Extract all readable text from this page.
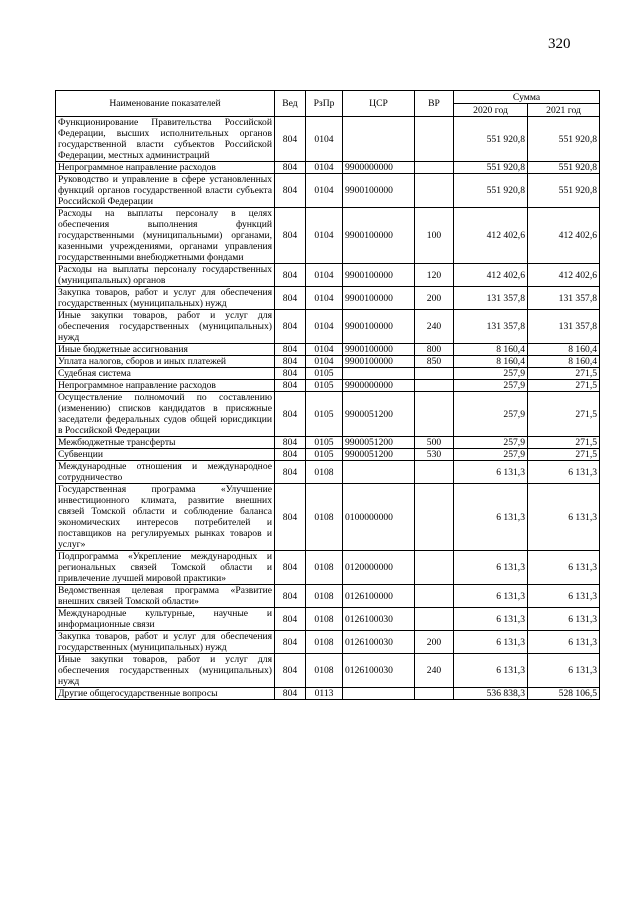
320
Наименование показателей	Вед	РзПр	ЦСР	ВР	Сумма	
					2020 год	2021 год
Функционирование Правительства Российской Федерации, высших исполнительных органов государственной власти субъектов Российской Федерации, местных администраций	804	0104			551 920,8	551 920,8
Непрограммное направление расходов	804	0104	9900000000		551 920,8	551 920,8
Руководство и управление в сфере установленных функций органов государственной власти субъекта Российской Федерации	804	0104	9900100000		551 920,8	551 920,8
Расходы на выплаты персоналу в целях обеспечения выполнения функций государственными (муниципальными) органами, казенными учреждениями, органами управления государственными внебюджетными фондами	804	0104	9900100000	100	412 402,6	412 402,6
Расходы на выплаты персоналу государственных (муниципальных) органов	804	0104	9900100000	120	412 402,6	412 402,6
Закупка товаров, работ и услуг для обеспечения государственных (муниципальных) нужд	804	0104	9900100000	200	131 357,8	131 357,8
Иные закупки товаров, работ и услуг для обеспечения государственных (муниципальных) нужд	804	0104	9900100000	240	131 357,8	131 357,8
Иные бюджетные ассигнования	804	0104	9900100000	800	8 160,4	8 160,4
Уплата налогов, сборов и иных платежей	804	0104	9900100000	850	8 160,4	8 160,4
Судебная система	804	0105			257,9	271,5
Непрограммное направление расходов	804	0105	9900000000		257,9	271,5
Осуществление полномочий по составлению (изменению) списков кандидатов в присяжные заседатели федеральных судов общей юрисдикции в Российской Федерации	804	0105	9900051200		257,9	271,5
Межбюджетные трансферты	804	0105	9900051200	500	257,9	271,5
Субвенции	804	0105	9900051200	530	257,9	271,5
Международные отношения и международное сотрудничество	804	0108			6 131,3	6 131,3
Государственная программа «Улучшение инвестиционного климата, развитие внешних связей Томской области и соблюдение баланса экономических интересов потребителей и поставщиков на регулируемых рынках товаров и услуг»	804	0108	0100000000		6 131,3	6 131,3
Подпрограмма «Укрепление международных и региональных связей Томской области и привлечение лучшей мировой практики»	804	0108	0120000000		6 131,3	6 131,3
Ведомственная целевая программа «Развитие внешних связей Томской области»	804	0108	0126100000		6 131,3	6 131,3
Международные культурные, научные и информационные связи	804	0108	0126100030		6 131,3	6 131,3
Закупка товаров, работ и услуг для обеспечения государственных (муниципальных) нужд	804	0108	0126100030	200	6 131,3	6 131,3
Иные закупки товаров, работ и услуг для обеспечения государственных (муниципальных) нужд	804	0108	0126100030	240	6 131,3	6 131,3
Другие общегосударственные вопросы	804	0113			536 838,3	528 106,5
